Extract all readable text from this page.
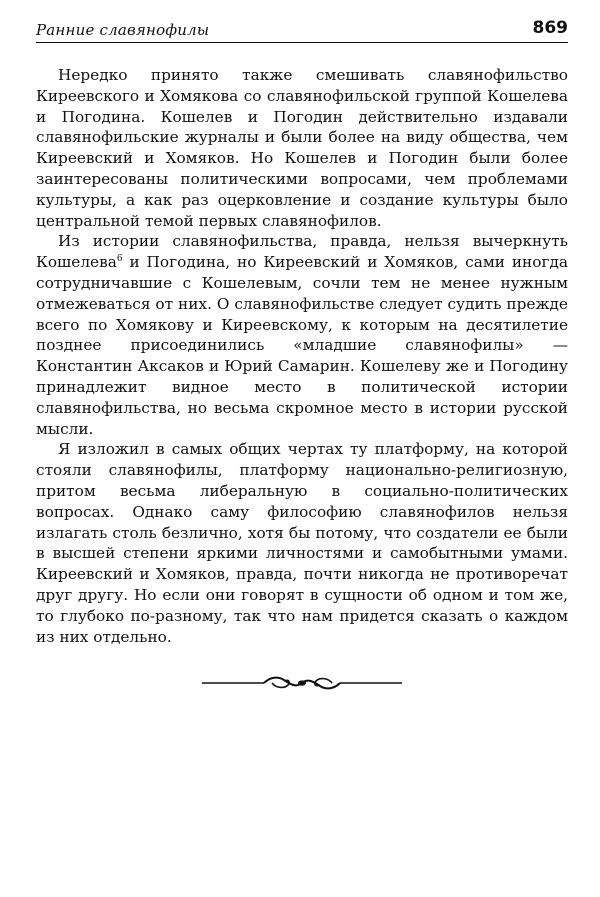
Ранние славянофилы	869

Нередко принято также смешивать славянофильство Киреевского и Хомякова со славянофильской группой Кошелева и Погодина. Кошелев и Погодин действительно издавали славянофильские журналы и были более на виду общества, чем Киреевский и Хомяков. Но Кошелев и Погодин были более заинтересованы политическими вопросами, чем проблемами культуры, а как раз оцерковление и создание культуры было центральной темой первых славянофилов.

Из истории славянофильства, правда, нельзя вычеркнуть Кошелева$^6$ и Погодина, но Киреевский и Хомяков, сами иногда сотрудничавшие с Кошелевым, сочли тем не менее нужным отмежеваться от них. О славянофильстве следует судить прежде всего по Хомякову и Киреевскому, к которым на десятилетие позднее присоединились «младшие славянофилы» — Константин Аксаков и Юрий Самарин. Кошелеву же и Погодину принадлежит видное место в политической истории славянофильства, но весьма скромное место в истории русской мысли.

Я изложил в самых общих чертах ту платформу, на которой стояли славянофилы, платформу национально-религиозную, притом весьма либеральную в социально-политических вопросах. Однако саму философию славянофилов нельзя излагать столь безлично, хотя бы потому, что создатели ее были в высшей степени яркими личностями и самобытными умами. Киреевский и Хомяков, правда, почти никогда не противоречат друг другу. Но если они говорят в сущности об одном и том же, то глубоко по-разному, так что нам придется сказать о каждом из них отдельно.
